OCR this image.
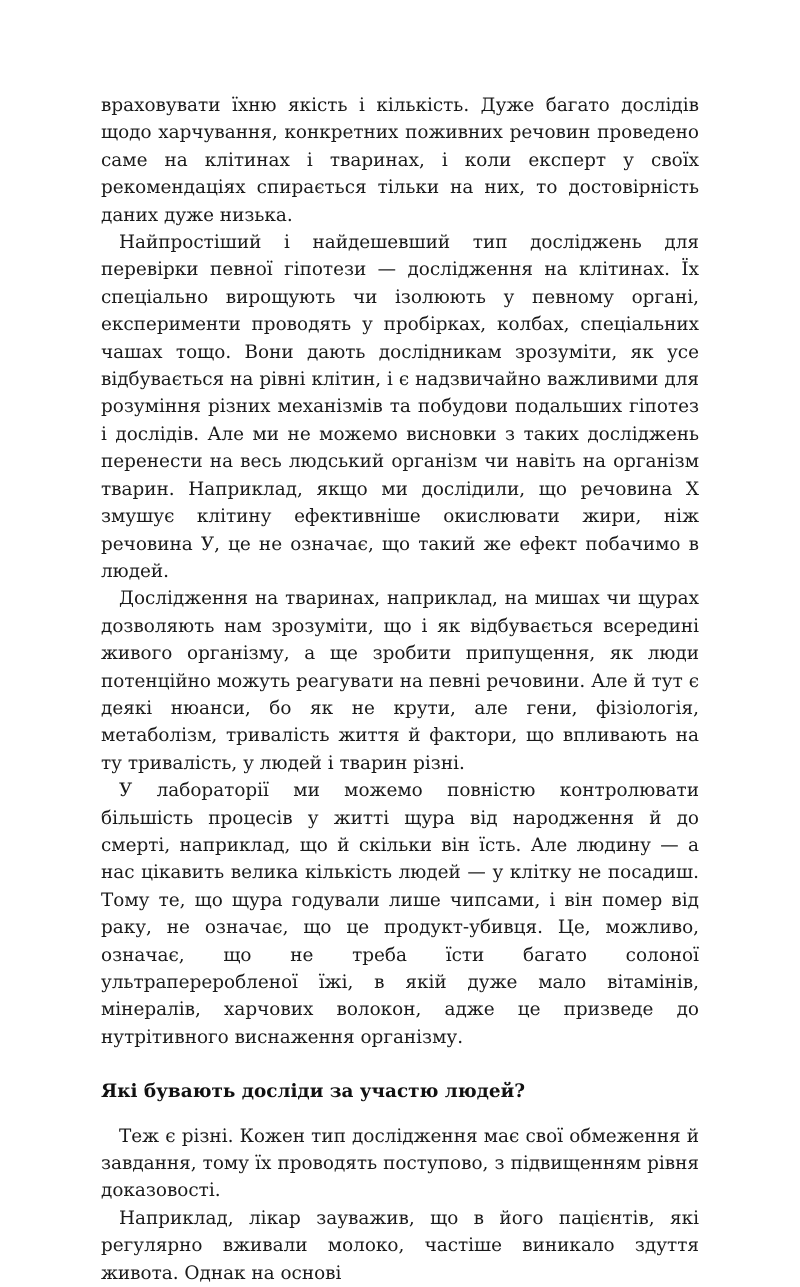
враховувати їхню якість і кількість. Дуже багато дослідів щодо харчування, конкретних поживних речовин проведено саме на клітинах і тваринах, і коли експерт у своїх рекомендаціях спирається тільки на них, то достовірність даних дуже низька.

Найпростіший і найдешевший тип досліджень для перевірки певної гіпотези — дослідження на клітинах. Їх спеціально вирощують чи ізолюють у певному органі, експерименти проводять у пробірках, колбах, спеціальних чашах тощо. Вони дають дослідникам зрозуміти, як усе відбувається на рівні клітин, і є надзвичайно важливими для розуміння різних механізмів та побудови подальших гіпотез і дослідів. Але ми не можемо висновки з таких досліджень перенести на весь людський організм чи навіть на організм тварин. Наприклад, якщо ми дослідили, що речовина Х змушує клітину ефективніше окислювати жири, ніж речовина У, це не означає, що такий же ефект побачимо в людей.

Дослідження на тваринах, наприклад, на мишах чи щурах дозволяють нам зрозуміти, що і як відбувається всередині живого організму, а ще зробити припущення, як люди потенційно можуть реагувати на певні речовини. Але й тут є деякі нюанси, бо як не крути, але гени, фізіологія, метаболізм, тривалість життя й фактори, що впливають на ту тривалість, у людей і тварин різні.

У лабораторії ми можемо повністю контролювати більшість процесів у житті щура від народження й до смерті, наприклад, що й скільки він їсть. Але людину — а нас цікавить велика кількість людей — у клітку не посадиш. Тому те, що щура годували лише чипсами, і він помер від раку, не означає, що це продукт-убивця. Це, можливо, означає, що не треба їсти багато солоної ультрапереробленої їжі, в якій дуже мало вітамінів, мінералів, харчових волокон, адже це призведе до нутрітивного виснаження організму.

Які бувають досліди за участю людей?

Теж є різні. Кожен тип дослідження має свої обмеження й завдання, тому їх проводять поступово, з підвищенням рівня доказовості.

Наприклад, лікар зауважив, що в його пацієнтів, які регулярно вживали молоко, частіше виникало здуття живота. Однак на основі
